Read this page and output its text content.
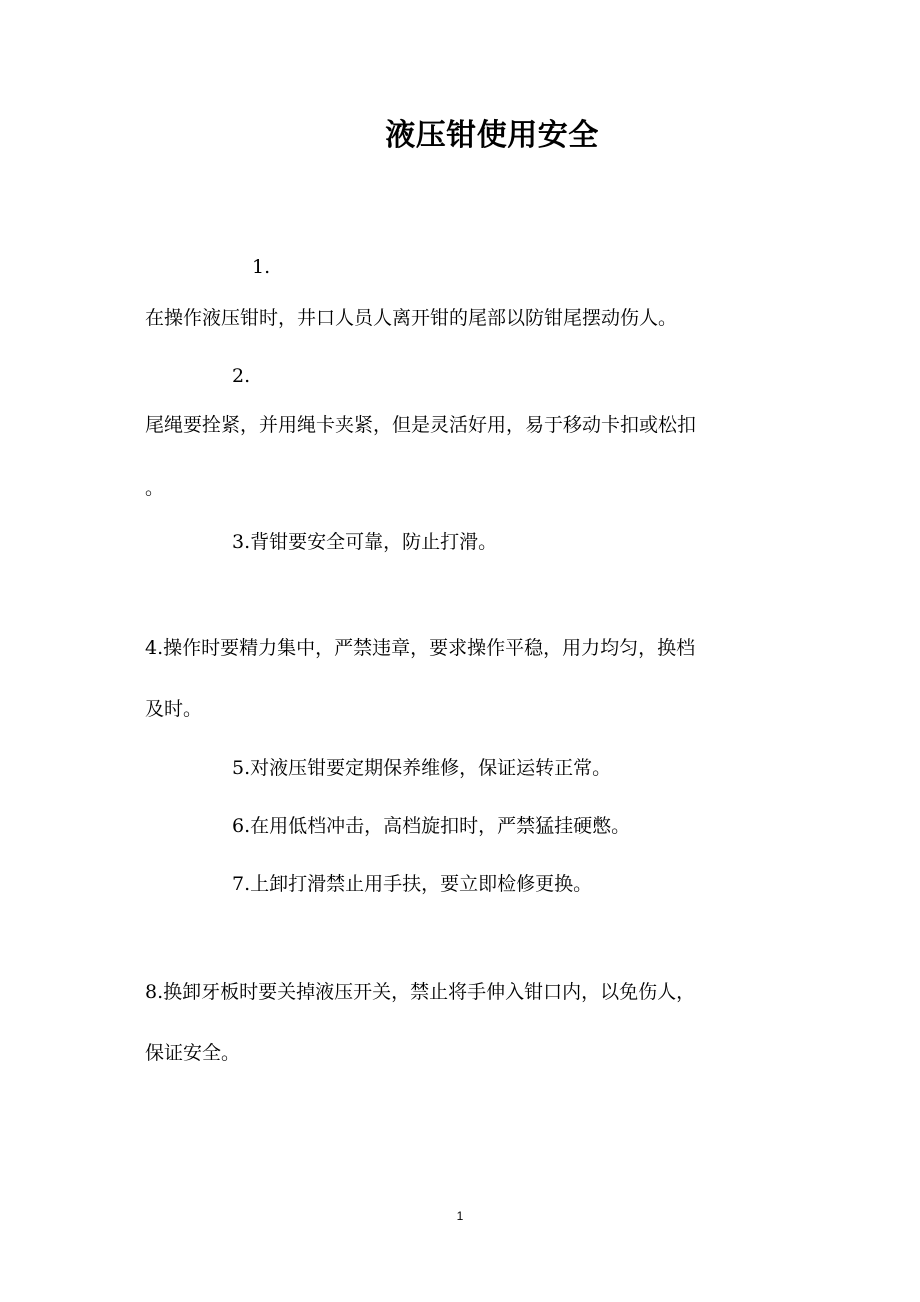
液压钳使用安全
1.
在操作液压钳时，井口人员人离开钳的尾部以防钳尾摆动伤人。
2.
尾绳要拴紧，并用绳卡夹紧，但是灵活好用，易于移动卡扣或松扣
。
3.背钳要安全可靠，防止打滑。
4.操作时要精力集中，严禁违章，要求操作平稳，用力均匀，换档
及时。
5.对液压钳要定期保养维修，保证运转正常。
6.在用低档冲击，高档旋扣时，严禁猛挂硬憋。
7.上卸打滑禁止用手扶，要立即检修更换。
8.换卸牙板时要关掉液压开关，禁止将手伸入钳口内，以免伤人，
保证安全。
1
